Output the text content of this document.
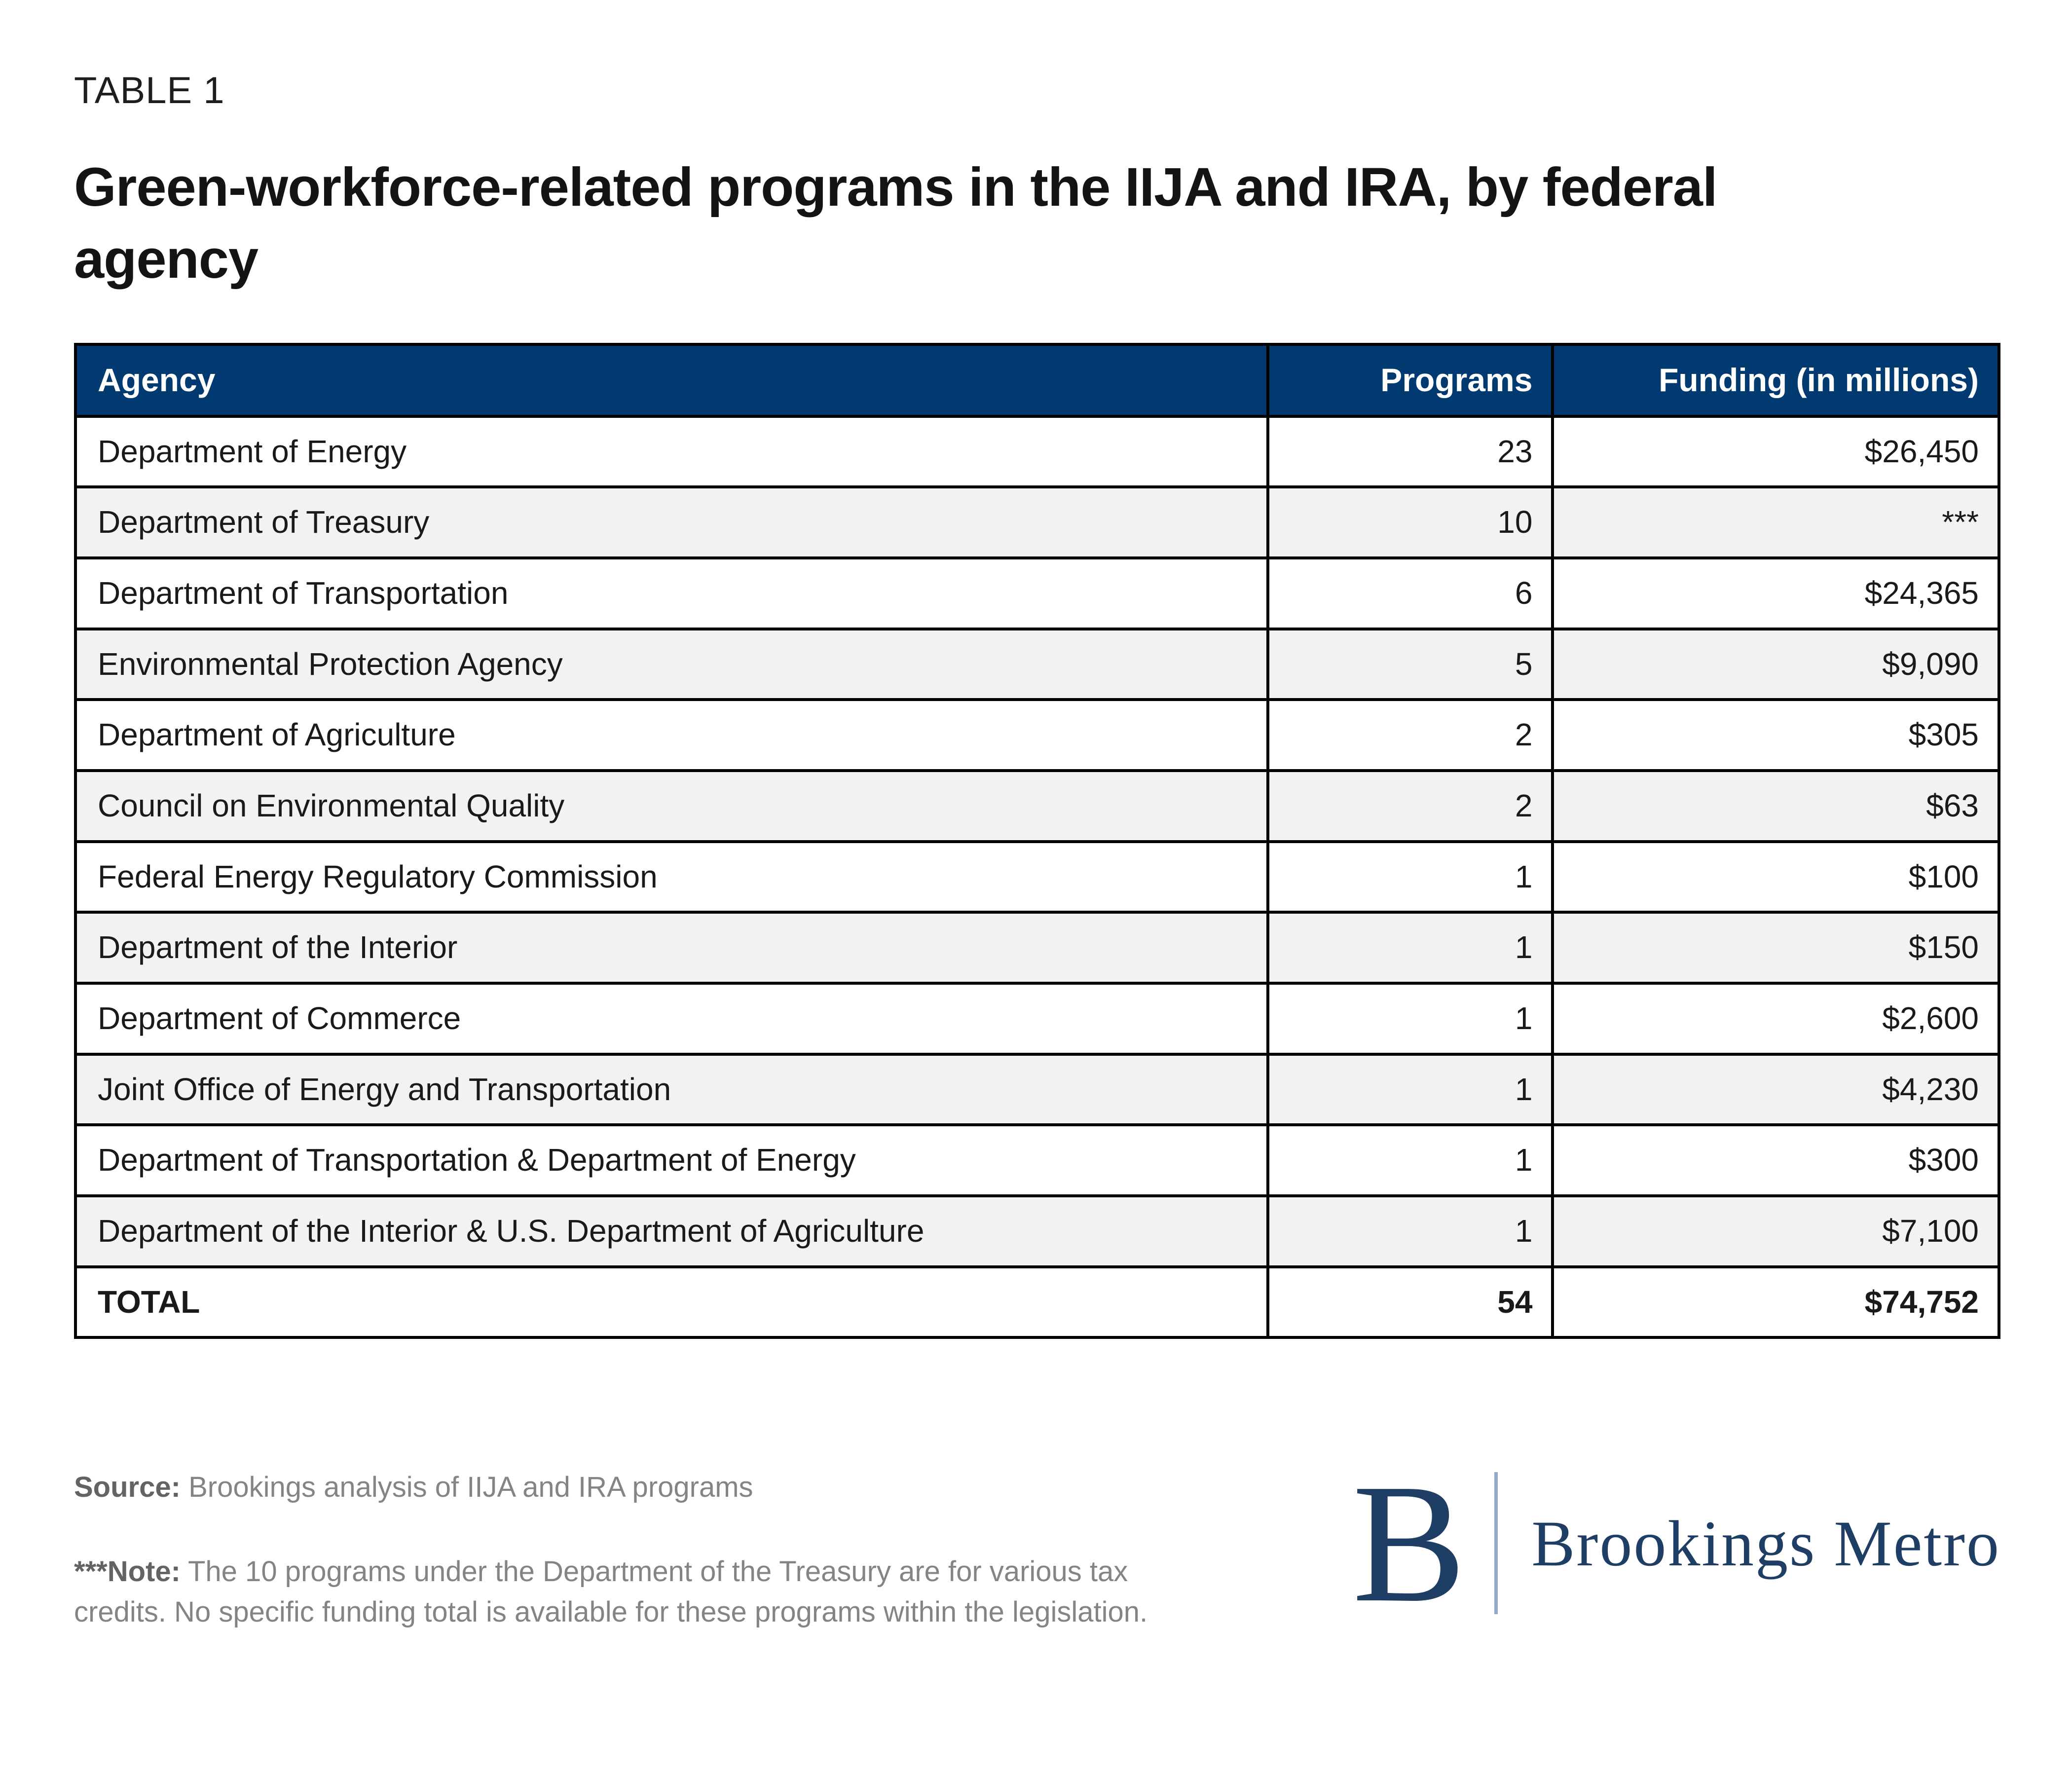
TABLE 1
Green-workforce-related programs in the IIJA and IRA, by federal agency
Agency	Programs	Funding (in millions)
Department of Energy	23	$26,450
Department of Treasury	10	***
Department of Transportation	6	$24,365
Environmental Protection Agency	5	$9,090
Department of Agriculture	2	$305
Council on Environmental Quality	2	$63
Federal Energy Regulatory Commission	1	$100
Department of the Interior	1	$150
Department of Commerce	1	$2,600
Joint Office of Energy and Transportation	1	$4,230
Department of Transportation & Department of Energy	1	$300
Department of the Interior & U.S. Department of Agriculture	1	$7,100
TOTAL	54	$74,752

Source: Brookings analysis of IIJA and IRA programs

***Note: The 10 programs under the Department of the Treasury are for various tax credits. No specific funding total is available for these programs within the legislation. B Brookings Metro
